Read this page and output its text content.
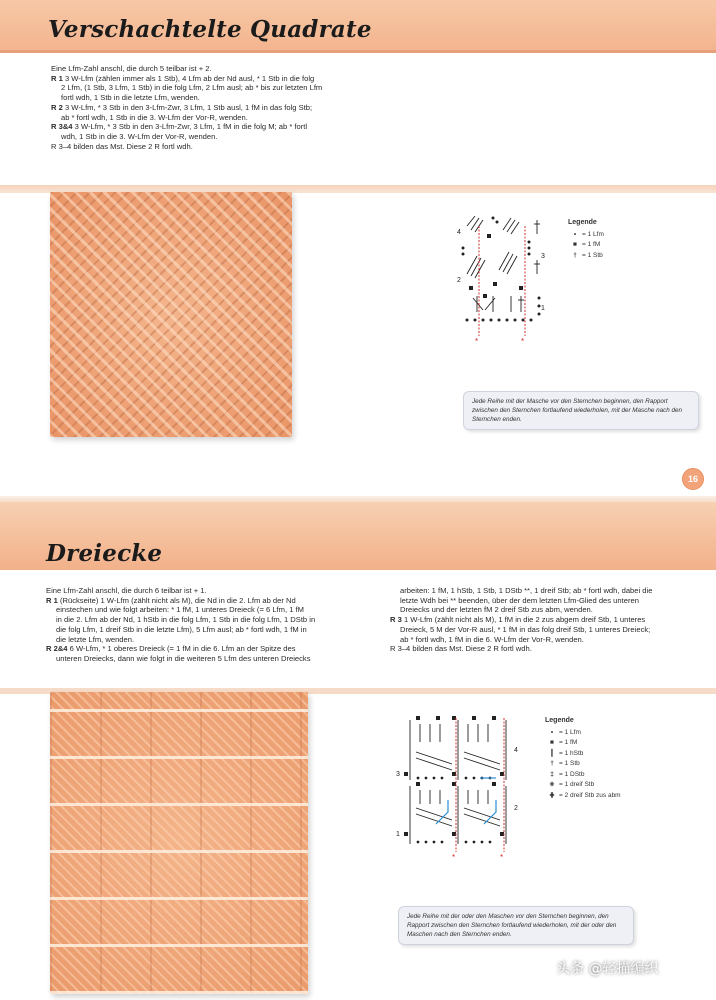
Verschachtelte Quadrate

Eine Lfm-Zahl anschl, die durch 5 teilbar ist + 2.

R 1 3 W-Lfm (zählen immer als 1 Stb), 4 Lfm ab der Nd ausl, * 1 Stb in die folg

2 Lfm, (1 Stb, 3 Lfm, 1 Stb) in die folg Lfm, 2 Lfm ausl; ab * bis zur letzten Lfm

fortl wdh, 1 Stb in die letzte Lfm, wenden.

R 2 3 W-Lfm, * 3 Stb in den 3-Lfm-Zwr, 3 Lfm, 1 Stb ausl, 1 fM in das folg Stb;

ab * fortl wdh, 1 Stb in die 3. W-Lfm der Vor-R, wenden.

R 3&4 3 W-Lfm, * 3 Stb in den 3-Lfm-Zwr, 3 Lfm, 1 fM in die folg M; ab * fortl

wdh, 1 Stb in die 3. W-Lfm der Vor-R, wenden.

R 3–4 bilden das Mst. Diese 2 R fortl wdh.

*	*
4
3
2
1
Legende
• = 1 Lfm
■ = 1 fM
† = 1 Stb
Jede Reihe mit der Masche vor den Sternchen beginnen, den Rapport zwischen den Sternchen fortlaufend wiederholen, mit der Masche nach den Sternchen enden.
16
Dreiecke

Eine Lfm-Zahl anschl, die durch 6 teilbar ist + 1.

R 1 (Rückseite) 1 W-Lfm (zählt nicht als M), die Nd in die 2. Lfm ab der Nd

einstechen und wie folgt arbeiten: * 1 fM, 1 unteres Dreieck (= 6 Lfm, 1 fM

in die 2. Lfm ab der Nd, 1 hStb in die folg Lfm, 1 Stb in die folg Lfm, 1 DStb in

die folg Lfm, 1 dreif Stb in die letzte Lfm), 5 Lfm ausl; ab * fortl wdh, 1 fM in

die letzte Lfm, wenden.

R 2&4 6 W-Lfm, * 1 oberes Dreieck (= 1 fM in die 6. Lfm an der Spitze des

unteren Dreiecks, dann wie folgt in die weiteren 5 Lfm des unteren Dreiecks

arbeiten: 1 fM, 1 hStb, 1 Stb, 1 DStb **, 1 dreif Stb; ab * fortl wdh, dabei die

letzte Wdh bei ** beenden, über der dem letzten Lfm-Glied des unteren

Dreiecks und der letzten fM 2 dreif Stb zus abm, wenden.

R 3 1 W-Lfm (zählt nicht als M), 1 fM in die 2 zus abgem dreif Stb, 1 unteres

Dreieck, 5 M der Vor-R ausl, * 1 fM in das folg dreif Stb, 1 unteres Dreieck;

ab * fortl wdh, 1 fM in die 6. W-Lfm der Vor-R, wenden.

R 3–4 bilden das Mst. Diese 2 R fortl wdh.

*	*
4
3
2
1
Legende
• = 1 Lfm
■ = 1 fM
┃ = 1 hStb
† = 1 Stb
‡ = 1 DStb
⧺ = 1 dreif Stb
⋕ = 2 dreif Stb zus abm
Jede Reihe mit der oder den Maschen vor den Sternchen beginnen, den Rapport zwischen den Sternchen fortlaufend wiederholen, mit der oder den Maschen nach den Sternchen enden.
头条 @轻描编织
